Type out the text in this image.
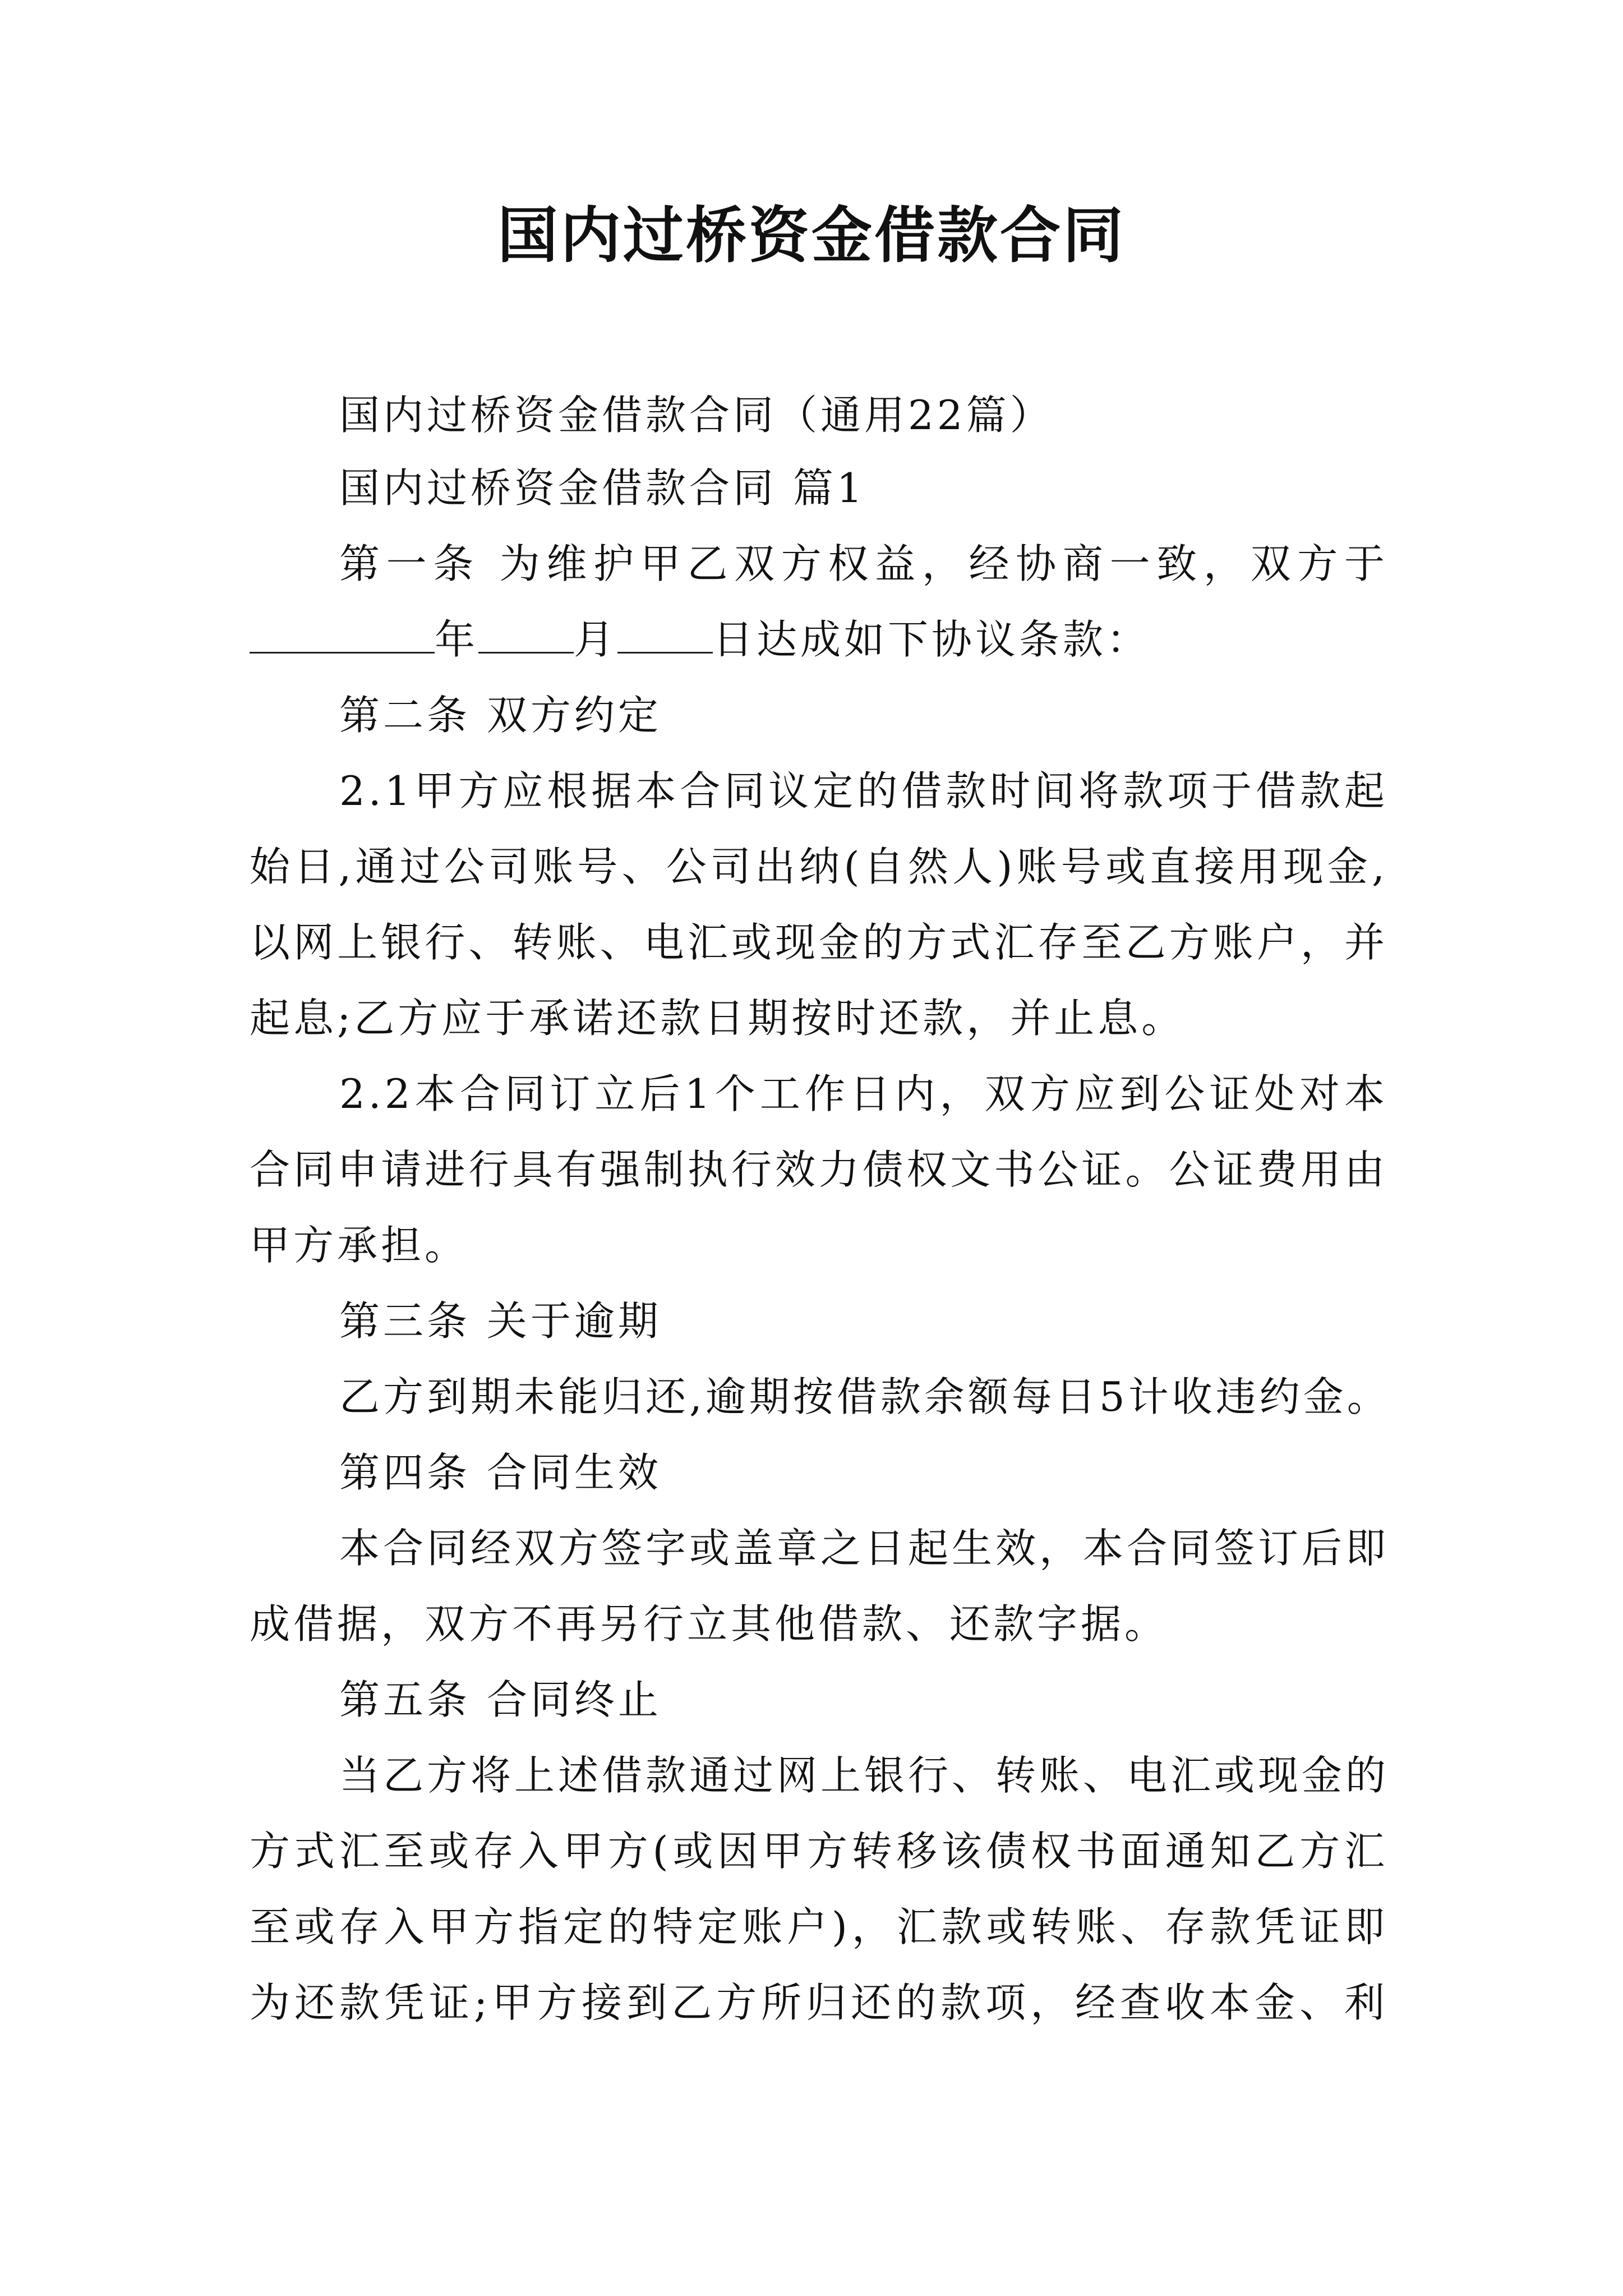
国内过桥资金借款合同
国内过桥资金借款合同（通用22篇）
国内过桥资金借款合同 篇1
第一条 为维护甲乙双方权益，经协商一致，双方于
年 月 日达成如下协议条款：
第二条 双方约定
2.1甲方应根据本合同议定的借款时间将款项于借款起
始日,通过公司账号、公司出纳(自然人)账号或直接用现金,
以网上银行、转账、电汇或现金的方式汇存至乙方账户，并
起息;乙方应于承诺还款日期按时还款，并止息。
2.2本合同订立后1个工作日内，双方应到公证处对本
合同申请进行具有强制执行效力债权文书公证。公证费用由
甲方承担。
第三条 关于逾期
乙方到期未能归还,逾期按借款余额每日5计收违约金。
第四条 合同生效
本合同经双方签字或盖章之日起生效，本合同签订后即
成借据，双方不再另行立其他借款、还款字据。
第五条 合同终止
当乙方将上述借款通过网上银行、转账、电汇或现金的
方式汇至或存入甲方(或因甲方转移该债权书面通知乙方汇
至或存入甲方指定的特定账户)，汇款或转账、存款凭证即
为还款凭证;甲方接到乙方所归还的款项，经查收本金、利
